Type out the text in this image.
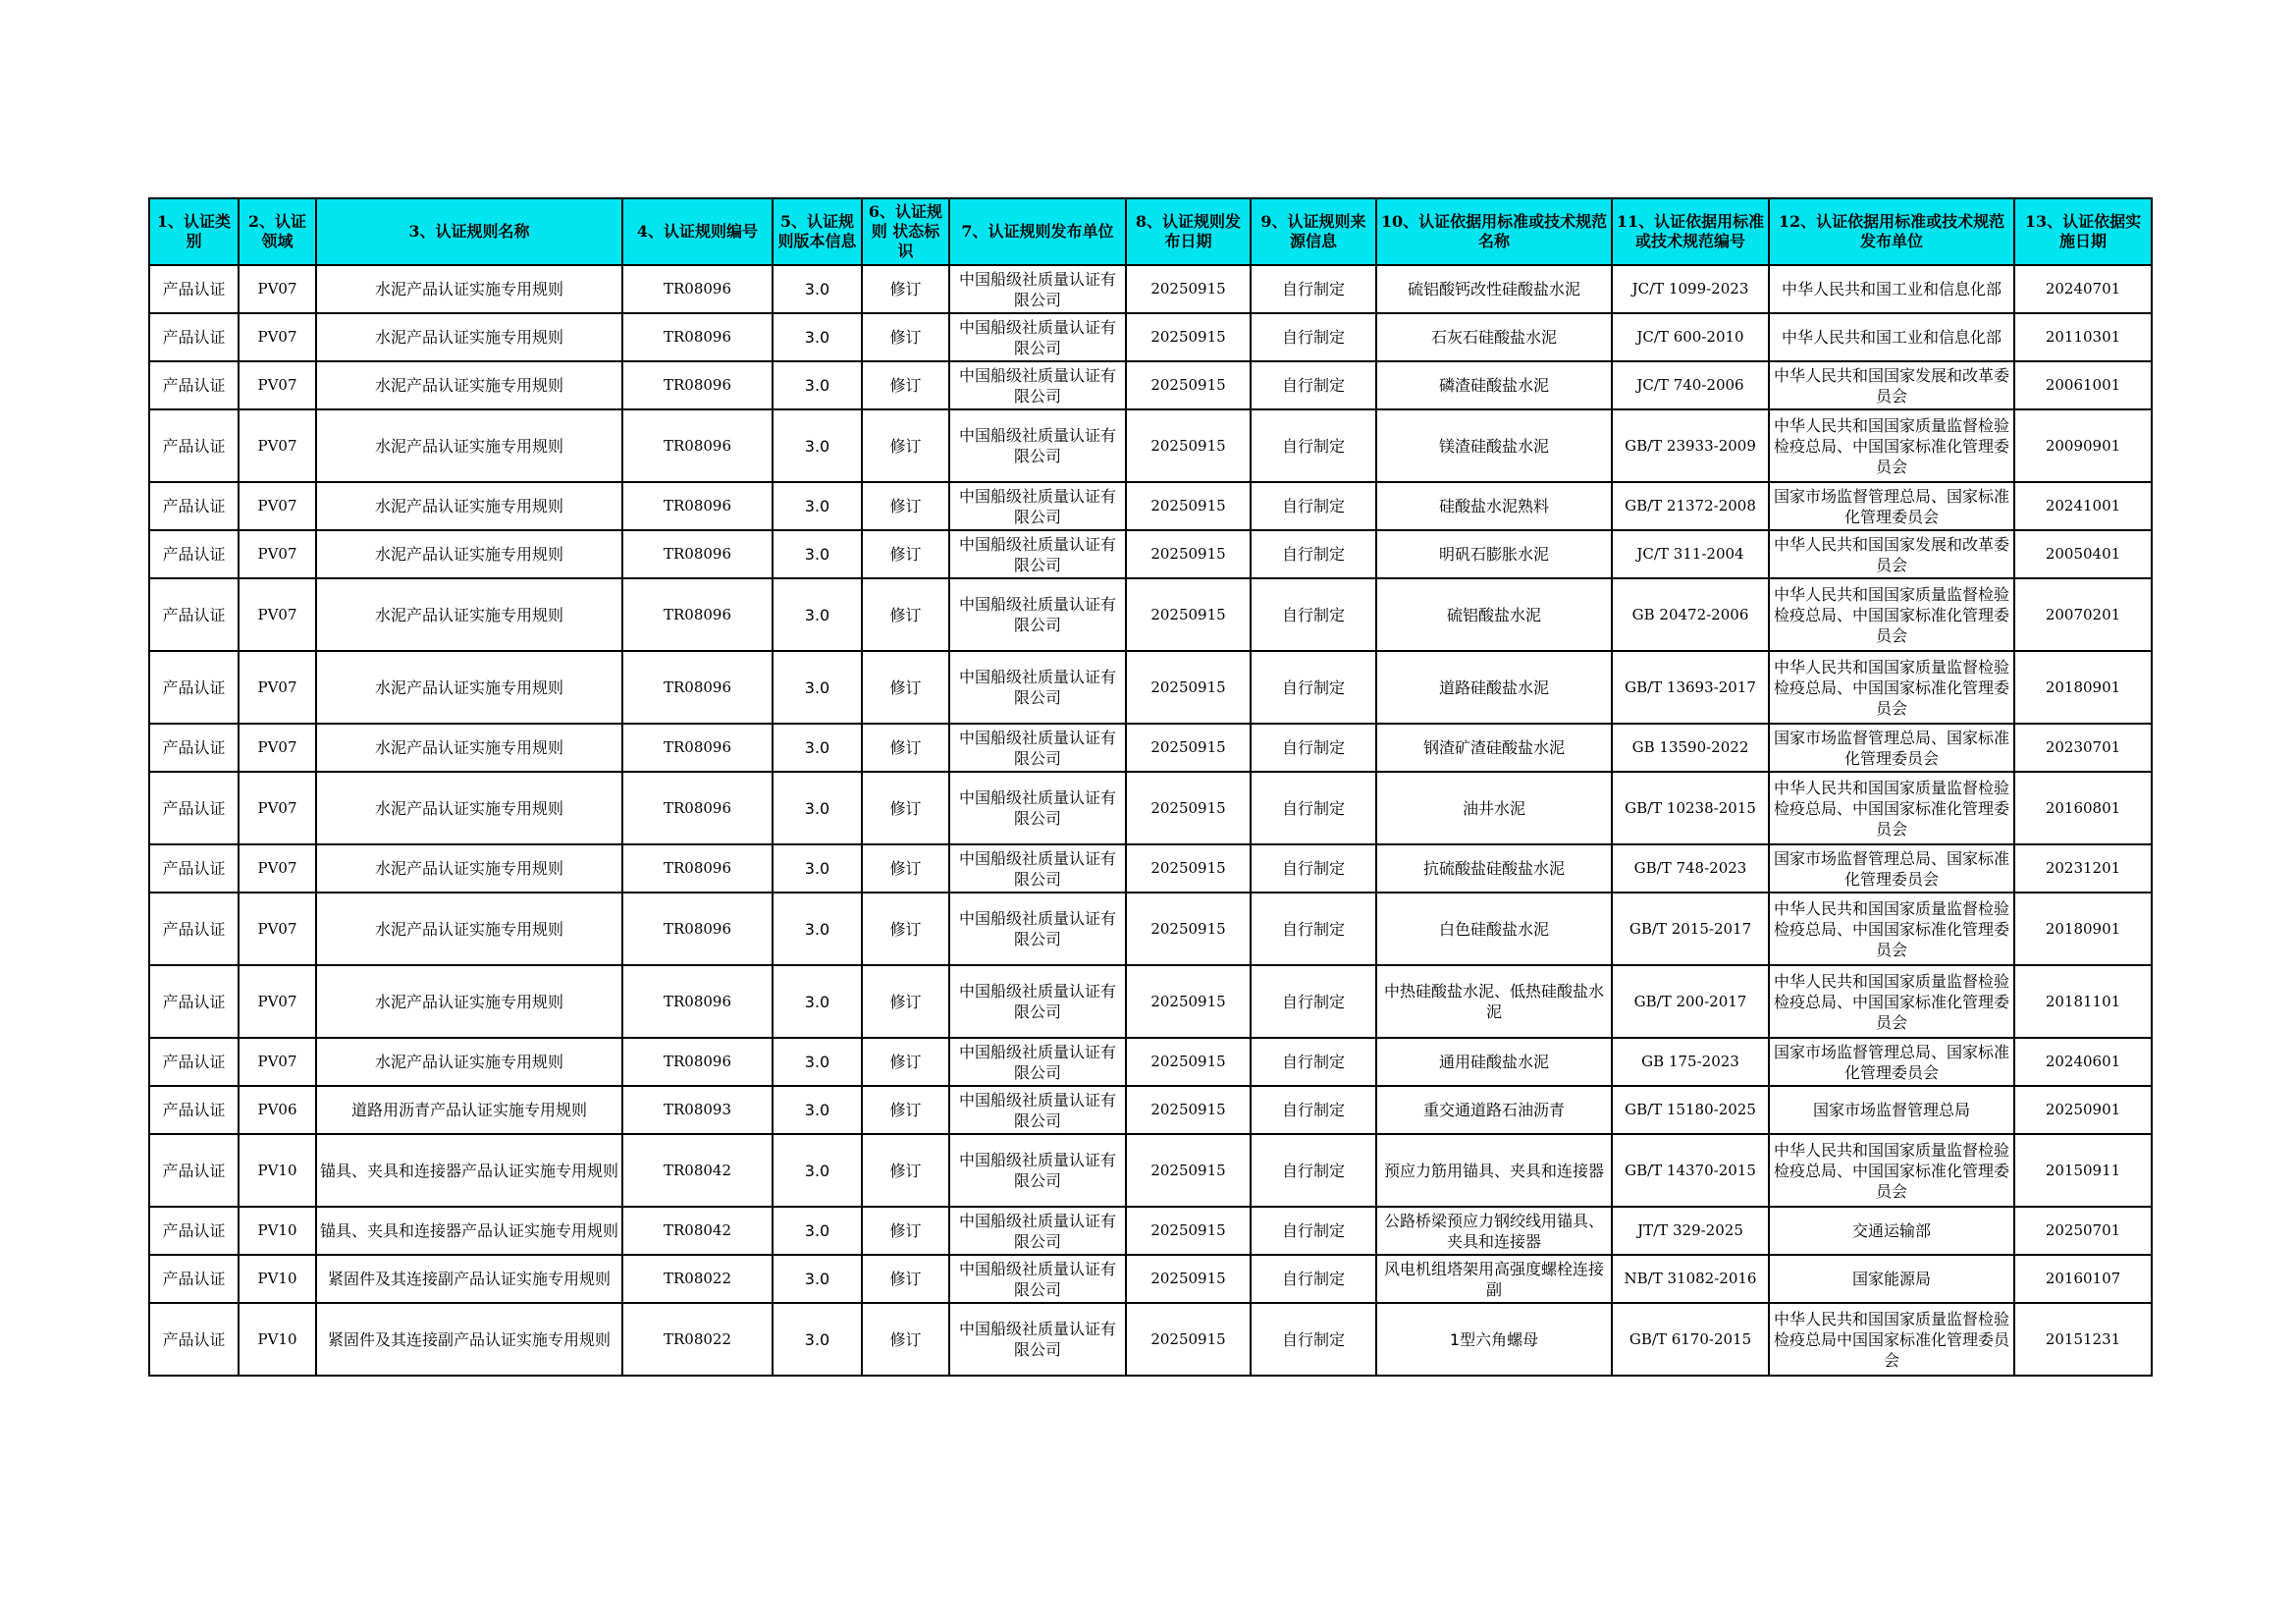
1、认证类别	2、认证领域	3、认证规则名称	4、认证规则编号	5、认证规则版本信息	6、认证规则 状态标识	7、认证规则发布单位	8、认证规则发布日期	9、认证规则来源信息	10、认证依据用标准或技术规范名称	11、认证依据用标准或技术规范编号	12、认证依据用标准或技术规范发布单位	13、认证依据实施日期
产品认证	PV07	水泥产品认证实施专用规则	TR08096	3.0	修订	中国船级社质量认证有限公司	20250915	自行制定	硫铝酸钙改性硅酸盐水泥	JC/T 1099-2023	中华人民共和国工业和信息化部	20240701
产品认证	PV07	水泥产品认证实施专用规则	TR08096	3.0	修订	中国船级社质量认证有限公司	20250915	自行制定	石灰石硅酸盐水泥	JC/T 600-2010	中华人民共和国工业和信息化部	20110301
产品认证	PV07	水泥产品认证实施专用规则	TR08096	3.0	修订	中国船级社质量认证有限公司	20250915	自行制定	磷渣硅酸盐水泥	JC/T 740-2006	中华人民共和国国家发展和改革委员会	20061001
产品认证	PV07	水泥产品认证实施专用规则	TR08096	3.0	修订	中国船级社质量认证有限公司	20250915	自行制定	镁渣硅酸盐水泥	GB/T 23933-2009	中华人民共和国国家质量监督检验检疫总局、中国国家标准化管理委员会	20090901
产品认证	PV07	水泥产品认证实施专用规则	TR08096	3.0	修订	中国船级社质量认证有限公司	20250915	自行制定	硅酸盐水泥熟料	GB/T 21372-2008	国家市场监督管理总局、国家标准化管理委员会	20241001
产品认证	PV07	水泥产品认证实施专用规则	TR08096	3.0	修订	中国船级社质量认证有限公司	20250915	自行制定	明矾石膨胀水泥	JC/T 311-2004	中华人民共和国国家发展和改革委员会	20050401
产品认证	PV07	水泥产品认证实施专用规则	TR08096	3.0	修订	中国船级社质量认证有限公司	20250915	自行制定	硫铝酸盐水泥	GB 20472-2006	中华人民共和国国家质量监督检验检疫总局、中国国家标准化管理委员会	20070201
产品认证	PV07	水泥产品认证实施专用规则	TR08096	3.0	修订	中国船级社质量认证有限公司	20250915	自行制定	道路硅酸盐水泥	GB/T 13693-2017	中华人民共和国国家质量监督检验检疫总局、中国国家标准化管理委员会	20180901
产品认证	PV07	水泥产品认证实施专用规则	TR08096	3.0	修订	中国船级社质量认证有限公司	20250915	自行制定	钢渣矿渣硅酸盐水泥	GB 13590-2022	国家市场监督管理总局、国家标准化管理委员会	20230701
产品认证	PV07	水泥产品认证实施专用规则	TR08096	3.0	修订	中国船级社质量认证有限公司	20250915	自行制定	油井水泥	GB/T 10238-2015	中华人民共和国国家质量监督检验检疫总局、中国国家标准化管理委员会	20160801
产品认证	PV07	水泥产品认证实施专用规则	TR08096	3.0	修订	中国船级社质量认证有限公司	20250915	自行制定	抗硫酸盐硅酸盐水泥	GB/T 748-2023	国家市场监督管理总局、国家标准化管理委员会	20231201
产品认证	PV07	水泥产品认证实施专用规则	TR08096	3.0	修订	中国船级社质量认证有限公司	20250915	自行制定	白色硅酸盐水泥	GB/T 2015-2017	中华人民共和国国家质量监督检验检疫总局、中国国家标准化管理委员会	20180901
产品认证	PV07	水泥产品认证实施专用规则	TR08096	3.0	修订	中国船级社质量认证有限公司	20250915	自行制定	中热硅酸盐水泥、低热硅酸盐水泥	GB/T 200-2017	中华人民共和国国家质量监督检验检疫总局、中国国家标准化管理委员会	20181101
产品认证	PV07	水泥产品认证实施专用规则	TR08096	3.0	修订	中国船级社质量认证有限公司	20250915	自行制定	通用硅酸盐水泥	GB 175-2023	国家市场监督管理总局、国家标准化管理委员会	20240601
产品认证	PV06	道路用沥青产品认证实施专用规则	TR08093	3.0	修订	中国船级社质量认证有限公司	20250915	自行制定	重交通道路石油沥青	GB/T 15180-2025	国家市场监督管理总局	20250901
产品认证	PV10	锚具、夹具和连接器产品认证实施专用规则	TR08042	3.0	修订	中国船级社质量认证有限公司	20250915	自行制定	预应力筋用锚具、夹具和连接器	GB/T 14370-2015	中华人民共和国国家质量监督检验检疫总局、中国国家标准化管理委员会	20150911
产品认证	PV10	锚具、夹具和连接器产品认证实施专用规则	TR08042	3.0	修订	中国船级社质量认证有限公司	20250915	自行制定	公路桥梁预应力钢绞线用锚具、夹具和连接器	JT/T 329-2025	交通运输部	20250701
产品认证	PV10	紧固件及其连接副产品认证实施专用规则	TR08022	3.0	修订	中国船级社质量认证有限公司	20250915	自行制定	风电机组塔架用高强度螺栓连接副	NB/T 31082-2016	国家能源局	20160107
产品认证	PV10	紧固件及其连接副产品认证实施专用规则	TR08022	3.0	修订	中国船级社质量认证有限公司	20250915	自行制定	1型六角螺母	GB/T 6170-2015	中华人民共和国国家质量监督检验检疫总局中国国家标准化管理委员会	20151231
